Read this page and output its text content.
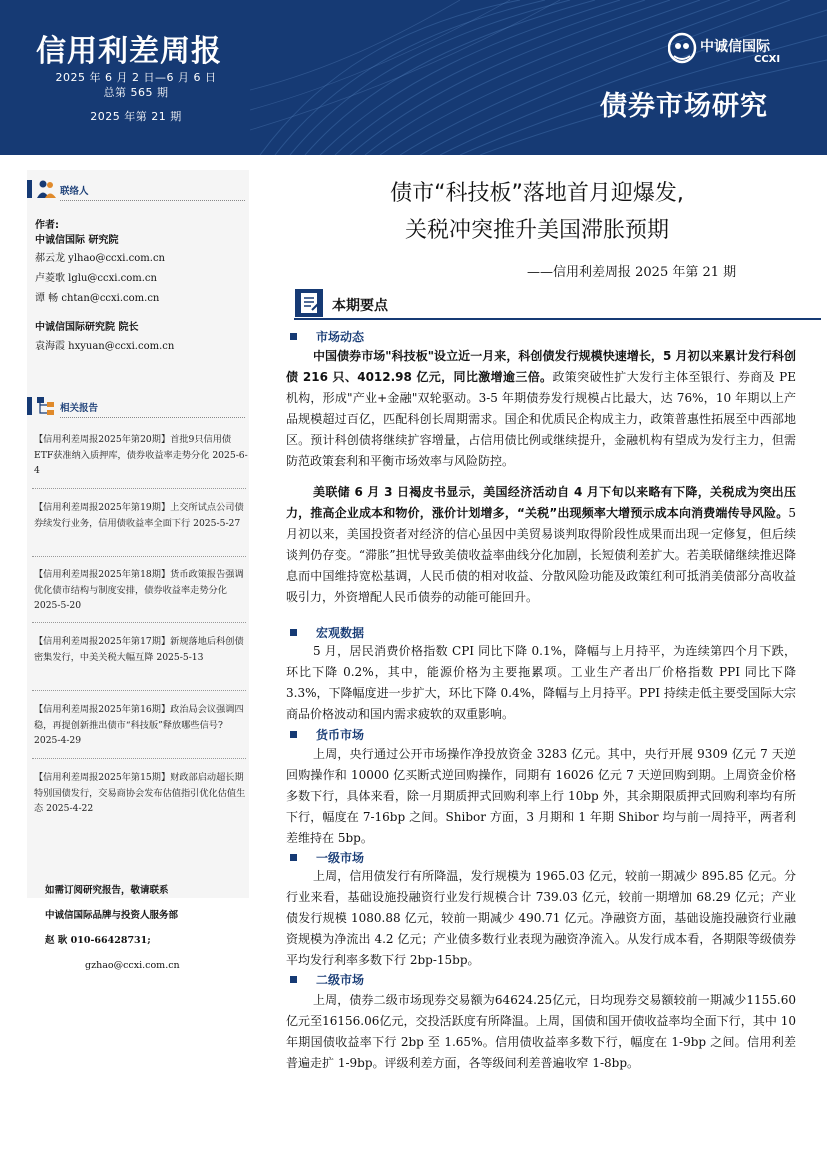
信用利差周报
2025 年 6 月 2 日—6 月 6 日
总第 565 期
2025 年第 21 期
中诚信国际
CCXI
债券市场研究
联络人
作者:
中诚信国际 研究院
郝云龙 ylhao@ccxi.com.cn
卢菱歌 lglu@ccxi.com.cn
谭 畅 chtan@ccxi.com.cn
中诚信国际研究院 院长
袁海霞 hxyuan@ccxi.com.cn
相关报告
【信用利差周报2025年第20期】首批9只信用债ETF获准纳入质押库，债券收益率走势分化 2025-6-4
【信用利差周报2025年第19期】上交所试点公司债券续发行业务，信用债收益率全面下行 2025-5-27
【信用利差周报2025年第18期】货币政策报告强调优化债市结构与制度安排，债券收益率走势分化 2025-5-20
【信用利差周报2025年第17期】新规落地后科创债密集发行，中美关税大幅互降 2025-5-13
【信用利差周报2025年第16期】政治局会议强调四稳，再提创新推出债市“科技版”释放哪些信号? 2025-4-29
【信用利差周报2025年第15期】财政部启动超长期特别国债发行，交易商协会发布估值指引优化估值生态 2025-4-22
如需订阅研究报告，敬请联系
中诚信国际品牌与投资人服务部
赵 耿 010-66428731;
gzhao@ccxi.com.cn
债市“科技板”落地首月迎爆发,
关税冲突推升美国滞胀预期
——信用利差周报 2025 年第 21 期
本期要点
市场动态

中国债券市场"科技板"设立近一月来，科创债发行规模快速增长，5 月初以来累计发行科创债 216 只、4012.98 亿元，同比激增逾三倍。政策突破性扩大发行主体至银行、券商及 PE 机构，形成"产业+金融"双轮驱动。3-5 年期债券发行规模占比最大，达 76%，10 年期以上产品规模超过百亿，匹配科创长周期需求。国企和优质民企构成主力，政策普惠性拓展至中西部地区。预计科创债将继续扩容增量，占信用债比例或继续提升，金融机构有望成为发行主力，但需防范政策套利和平衡市场效率与风险防控。

美联储 6 月 3 日褐皮书显示，美国经济活动自 4 月下旬以来略有下降，关税成为突出压力，推高企业成本和物价，涨价计划增多，“关税”出现频率大增预示成本向消费端传导风险。5 月初以来，美国投资者对经济的信心虽因中美贸易谈判取得阶段性成果而出现一定修复，但后续谈判仍存变。“滞胀”担忧导致美债收益率曲线分化加剧，长短债利差扩大。若美联储继续推迟降息而中国维持宽松基调，人民币债的相对收益、分散风险功能及政策红利可抵消美债部分高收益吸引力，外资增配人民币债券的动能可能回升。

宏观数据

5 月，居民消费价格指数 CPI 同比下降 0.1%，降幅与上月持平，为连续第四个月下跌，环比下降 0.2%，其中，能源价格为主要拖累项。工业生产者出厂价格指数 PPI 同比下降 3.3%，下降幅度进一步扩大，环比下降 0.4%，降幅与上月持平。PPI 持续走低主要受国际大宗商品价格波动和国内需求疲软的双重影响。

货币市场

上周，央行通过公开市场操作净投放资金 3283 亿元。其中，央行开展 9309 亿元 7 天逆回购操作和 10000 亿买断式逆回购操作，同期有 16026 亿元 7 天逆回购到期。上周资金价格多数下行，具体来看，除一月期质押式回购利率上行 10bp 外，其余期限质押式回购利率均有所下行，幅度在 7-16bp 之间。Shibor 方面，3 月期和 1 年期 Shibor 均与前一周持平，两者利差维持在 5bp。

一级市场

上周，信用债发行有所降温，发行规模为 1965.03 亿元，较前一期减少 895.85 亿元。分行业来看，基础设施投融资行业发行规模合计 739.03 亿元，较前一期增加 68.29 亿元；产业债发行规模 1080.88 亿元，较前一期减少 490.71 亿元。净融资方面，基础设施投融资行业融资规模为净流出 4.2 亿元；产业债多数行业表现为融资净流入。从发行成本看，各期限等级债券平均发行利率多数下行 2bp-15bp。

二级市场

上周，债券二级市场现券交易额为64624.25亿元，日均现券交易额较前一期减少1155.60亿元至16156.06亿元，交投活跃度有所降温。上周，国债和国开债收益率均全面下行，其中 10 年期国债收益率下行 2bp 至 1.65%。信用债收益率多数下行，幅度在 1-9bp 之间。信用利差普遍走扩 1-9bp。评级利差方面，各等级间利差普遍收窄 1-8bp。
